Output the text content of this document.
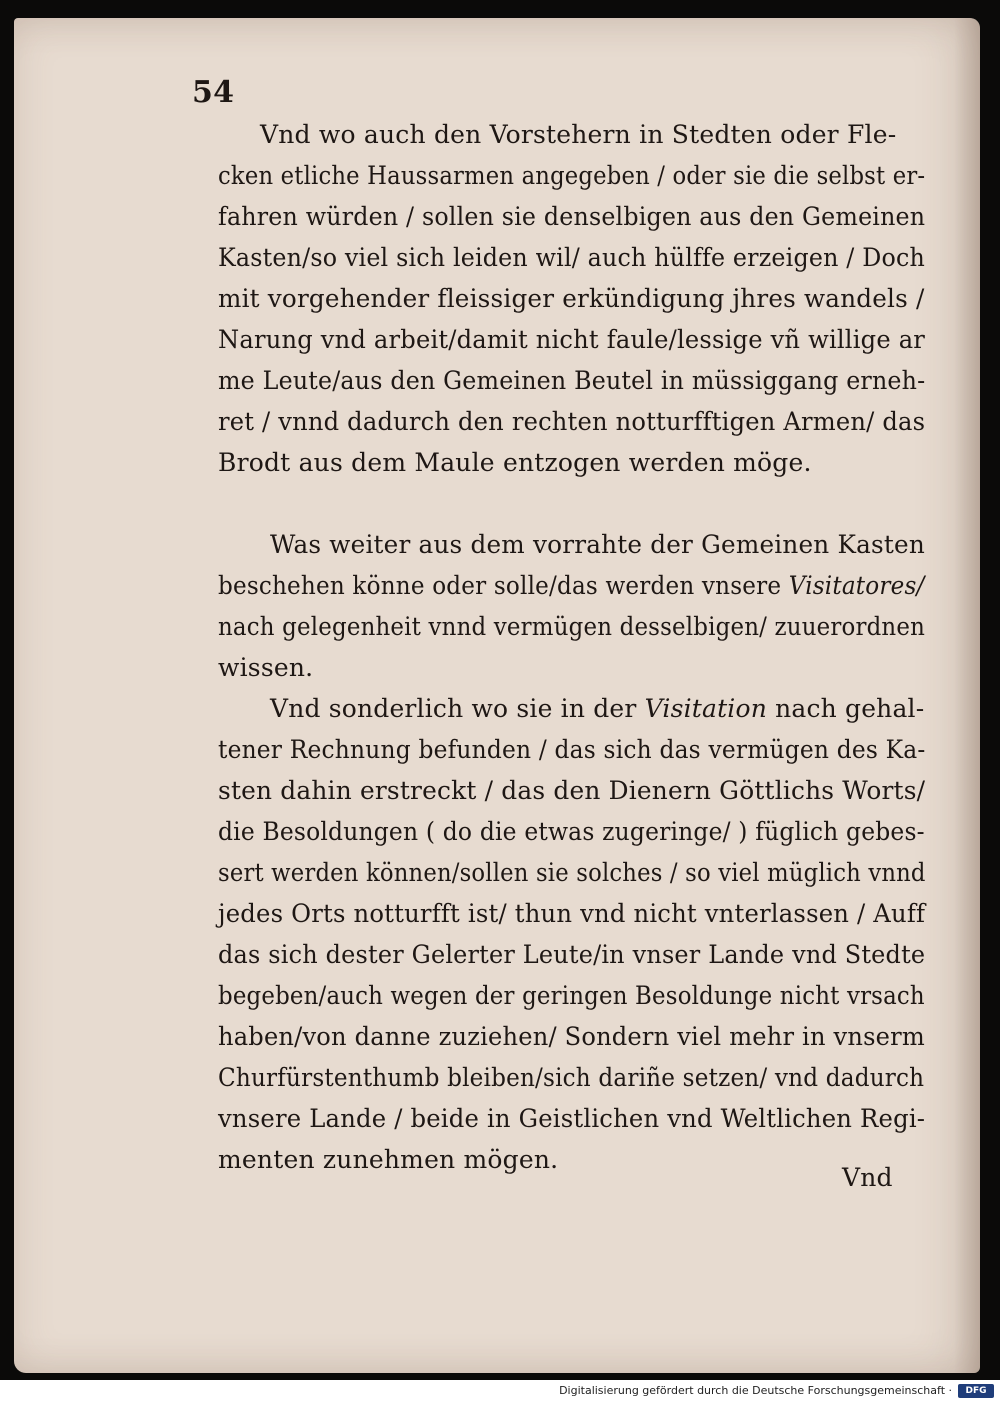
54
Vnd wo auch den Vorstehern in Stedten oder Fle-
cken etliche Haussarmen angegeben / oder sie die selbst er-
fahren würden / sollen sie denselbigen aus den Gemeinen
Kasten/so viel sich leiden wil/ auch hülffe erzeigen / Doch
mit vorgehender fleissiger erkündigung jhres wandels /
Narung vnd arbeit/damit nicht faule/lessige vñ willige ar
me Leute/aus den Gemeinen Beutel in müssiggang erneh-
ret / vnnd dadurch den rechten notturfftigen Armen/ das
Brodt aus dem Maule entzogen werden möge.
Was weiter aus dem vorrahte der Gemeinen Kasten
beschehen könne oder solle/das werden vnsere Visitatores/
nach gelegenheit vnnd vermügen desselbigen/ zuuerordnen
wissen.
Vnd sonderlich wo sie in der Visitation nach gehal-
tener Rechnung befunden / das sich das vermügen des Ka-
sten dahin erstreckt / das den Dienern Göttlichs Worts/
die Besoldungen ( do die etwas zugeringe/ ) füglich gebes-
sert werden können/sollen sie solches / so viel müglich vnnd
jedes Orts notturfft ist/ thun vnd nicht vnterlassen / Auff
das sich dester Gelerter Leute/in vnser Lande vnd Stedte
begeben/auch wegen der geringen Besoldunge nicht vrsach
haben/von danne zuziehen/ Sondern viel mehr in vnserm
Churfürstenthumb bleiben/sich dariñe setzen/ vnd dadurch
vnsere Lande / beide in Geistlichen vnd Weltlichen Regi-
menten zunehmen mögen.
Vnd
Digitalisierung gefördert durch die Deutsche Forschungsgemeinschaft ·	DFG
